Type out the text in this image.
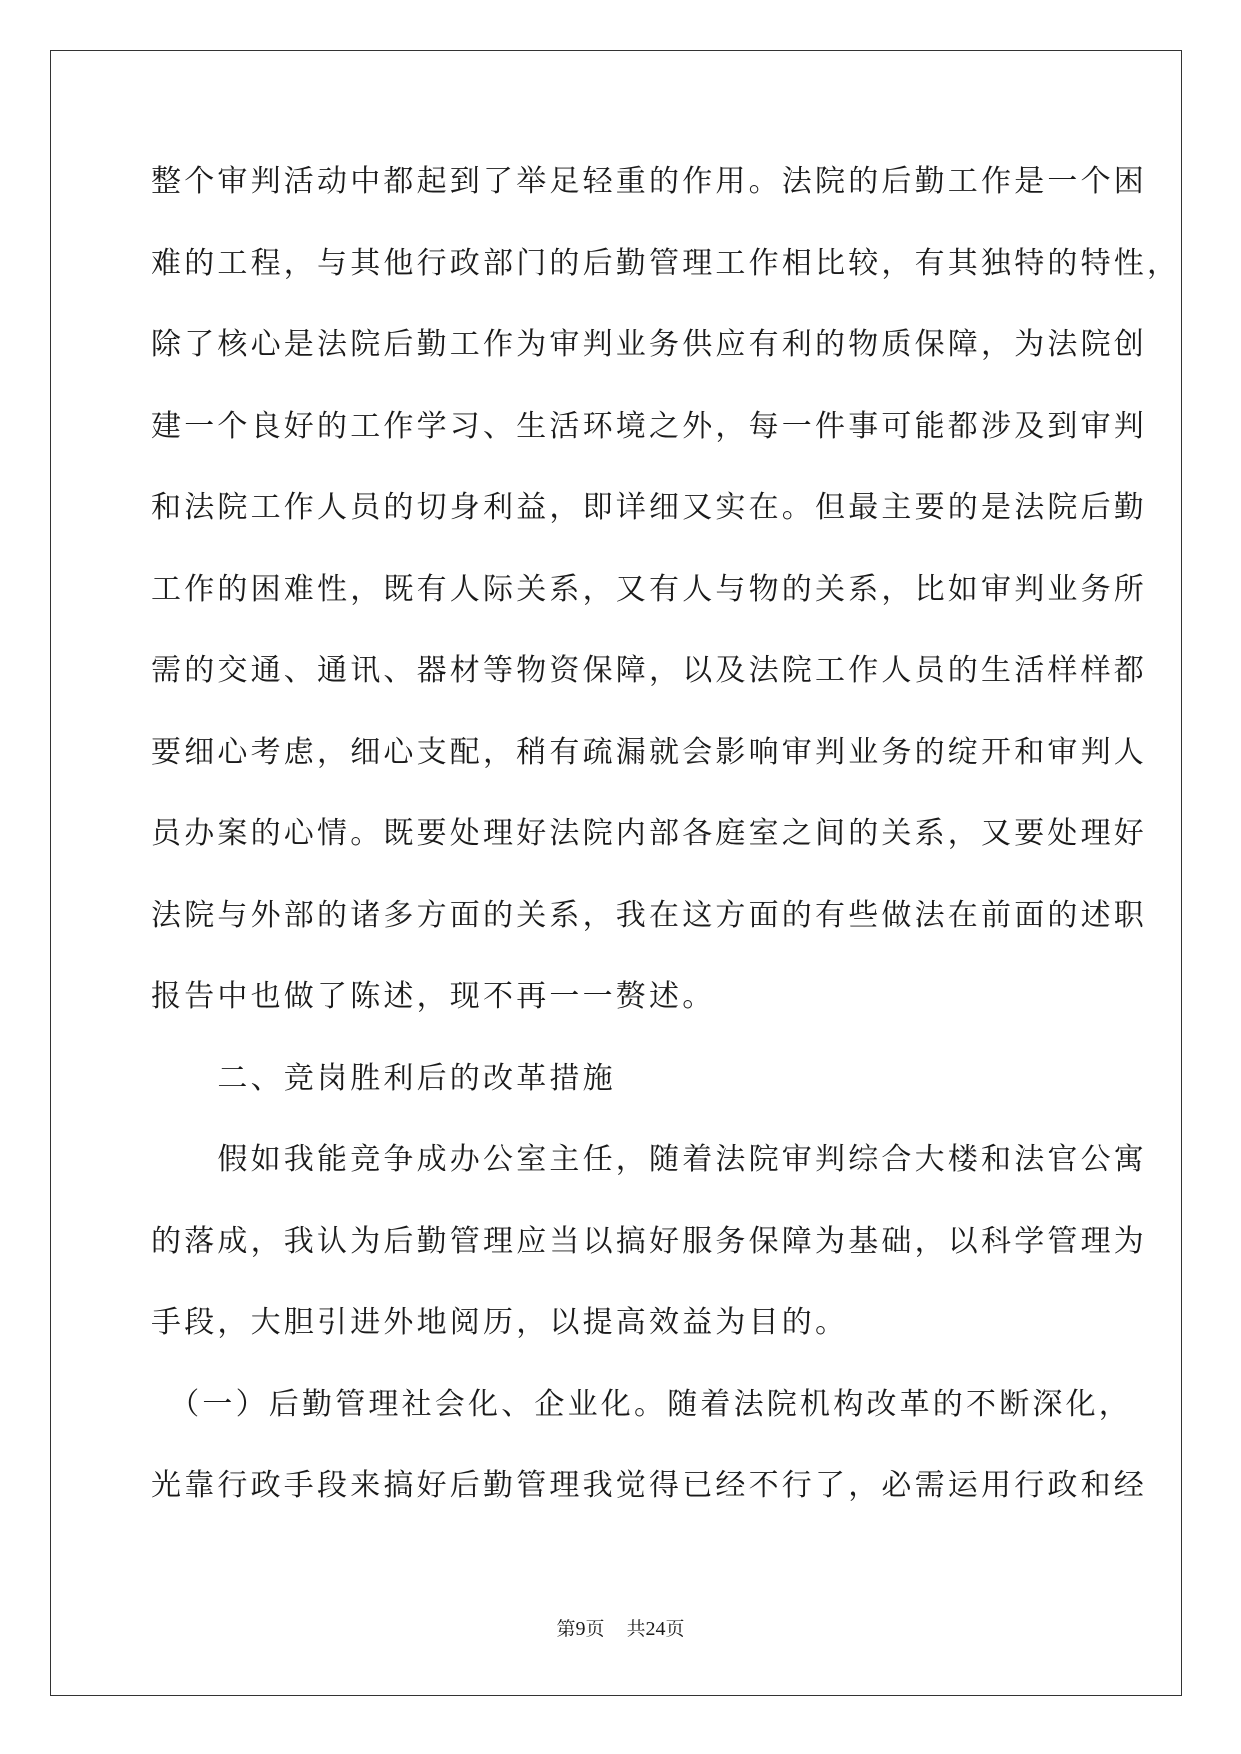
整个审判活动中都起到了举足轻重的作用。法院的后勤工作是一个困
难的工程，与其他行政部门的后勤管理工作相比较，有其独特的特性，
除了核心是法院后勤工作为审判业务供应有利的物质保障，为法院创
建一个良好的工作学习、生活环境之外，每一件事可能都涉及到审判
和法院工作人员的切身利益，即详细又实在。但最主要的是法院后勤
工作的困难性，既有人际关系，又有人与物的关系，比如审判业务所
需的交通、通讯、器材等物资保障，以及法院工作人员的生活样样都
要细心考虑，细心支配，稍有疏漏就会影响审判业务的绽开和审判人
员办案的心情。既要处理好法院内部各庭室之间的关系，又要处理好
法院与外部的诸多方面的关系，我在这方面的有些做法在前面的述职
报告中也做了陈述，现不再一一赘述。
　　二、竞岗胜利后的改革措施
　　假如我能竞争成办公室主任，随着法院审判综合大楼和法官公寓
的落成，我认为后勤管理应当以搞好服务保障为基础，以科学管理为
手段，大胆引进外地阅历，以提高效益为目的。
　（一）后勤管理社会化、企业化。随着法院机构改革的不断深化，
光靠行政手段来搞好后勤管理我觉得已经不行了，必需运用行政和经
第9页 共24页
